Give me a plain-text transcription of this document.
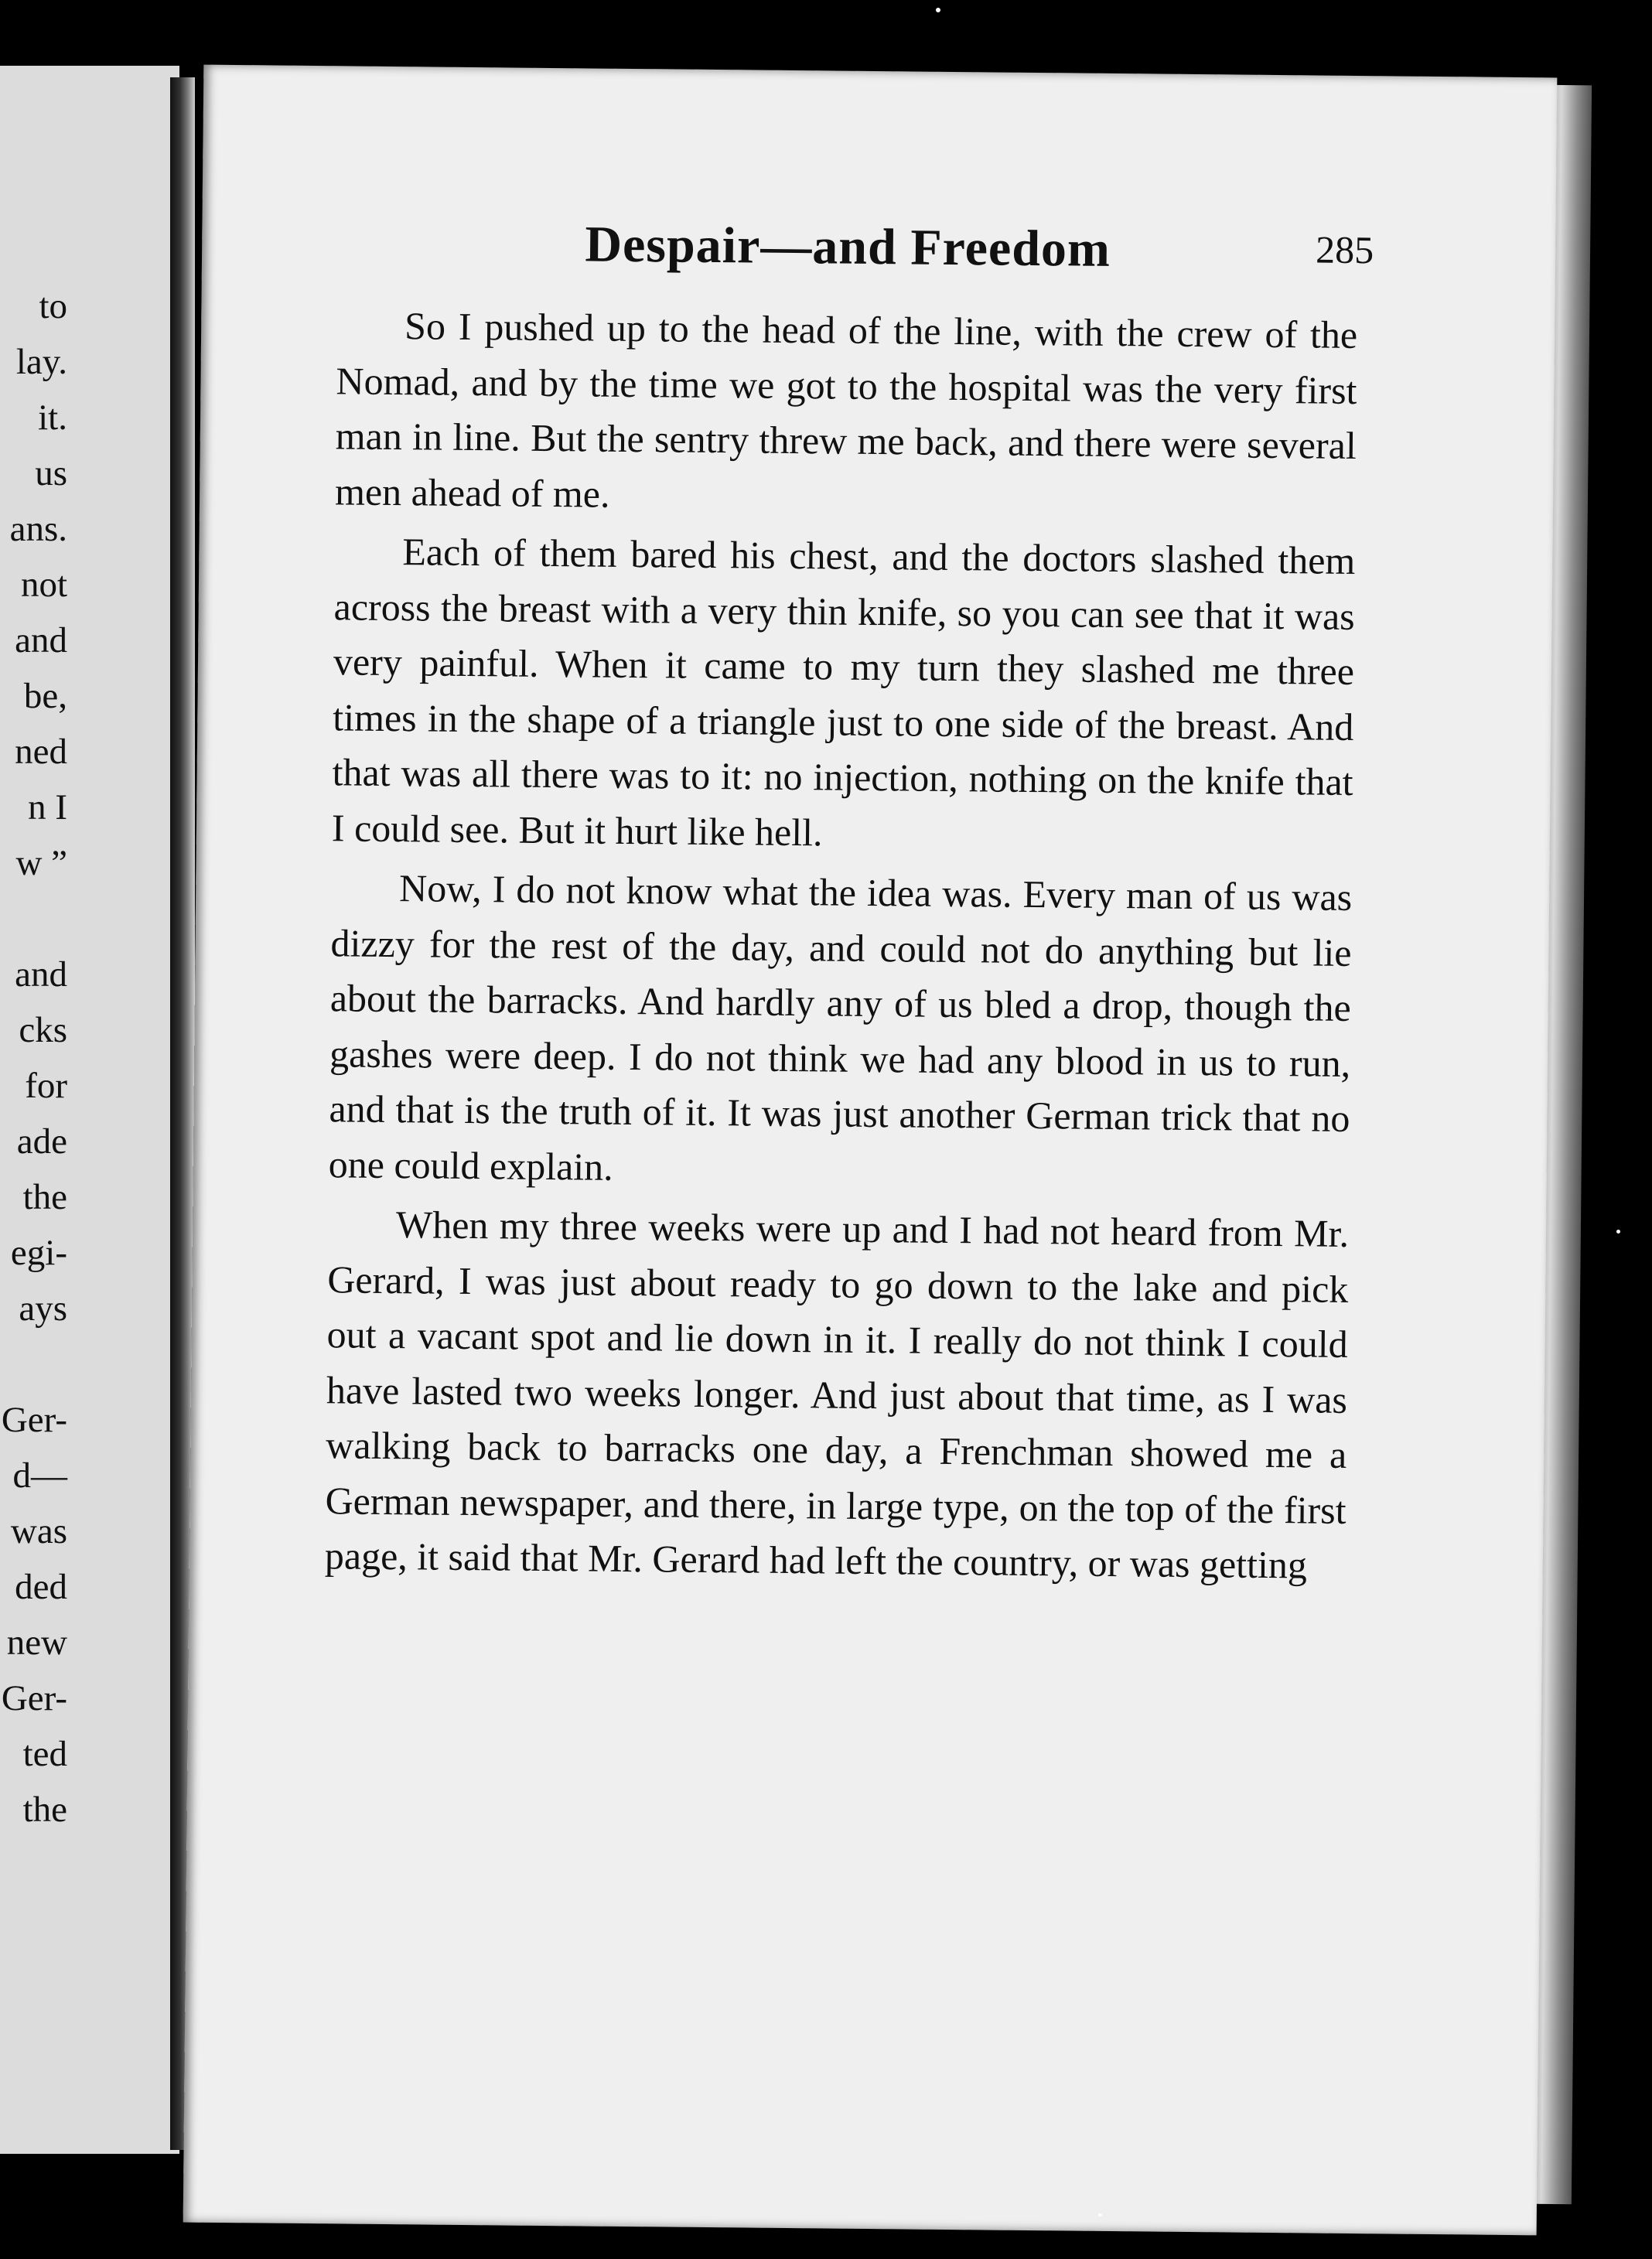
to
lay.
it.
us
ans.
not
and
be,
ned
n I
w ”
and
cks
for
ade
the
egi-
ays
Ger-
d—
was
ded
new
Ger-
ted
the
Despair—and Freedom	285

So I pushed up to the head of the line, with the crew of the Nomad, and by the time we got to the hospital was the very first man in line. But the sentry threw me back, and there were several men ahead of me.

Each of them bared his chest, and the doctors slashed them across the breast with a very thin knife, so you can see that it was very painful. When it came to my turn they slashed me three times in the shape of a triangle just to one side of the breast. And that was all there was to it: no injection, nothing on the knife that I could see. But it hurt like hell.

Now, I do not know what the idea was. Every man of us was dizzy for the rest of the day, and could not do anything but lie about the barracks. And hardly any of us bled a drop, though the gashes were deep. I do not think we had any blood in us to run, and that is the truth of it. It was just another German trick that no one could explain.

When my three weeks were up and I had not heard from Mr. Gerard, I was just about ready to go down to the lake and pick out a vacant spot and lie down in it. I really do not think I could have lasted two weeks longer. And just about that time, as I was walking back to barracks one day, a Frenchman showed me a German newspaper, and there, in large type, on the top of the first page, it said that Mr. Gerard had left the country, or was getting
